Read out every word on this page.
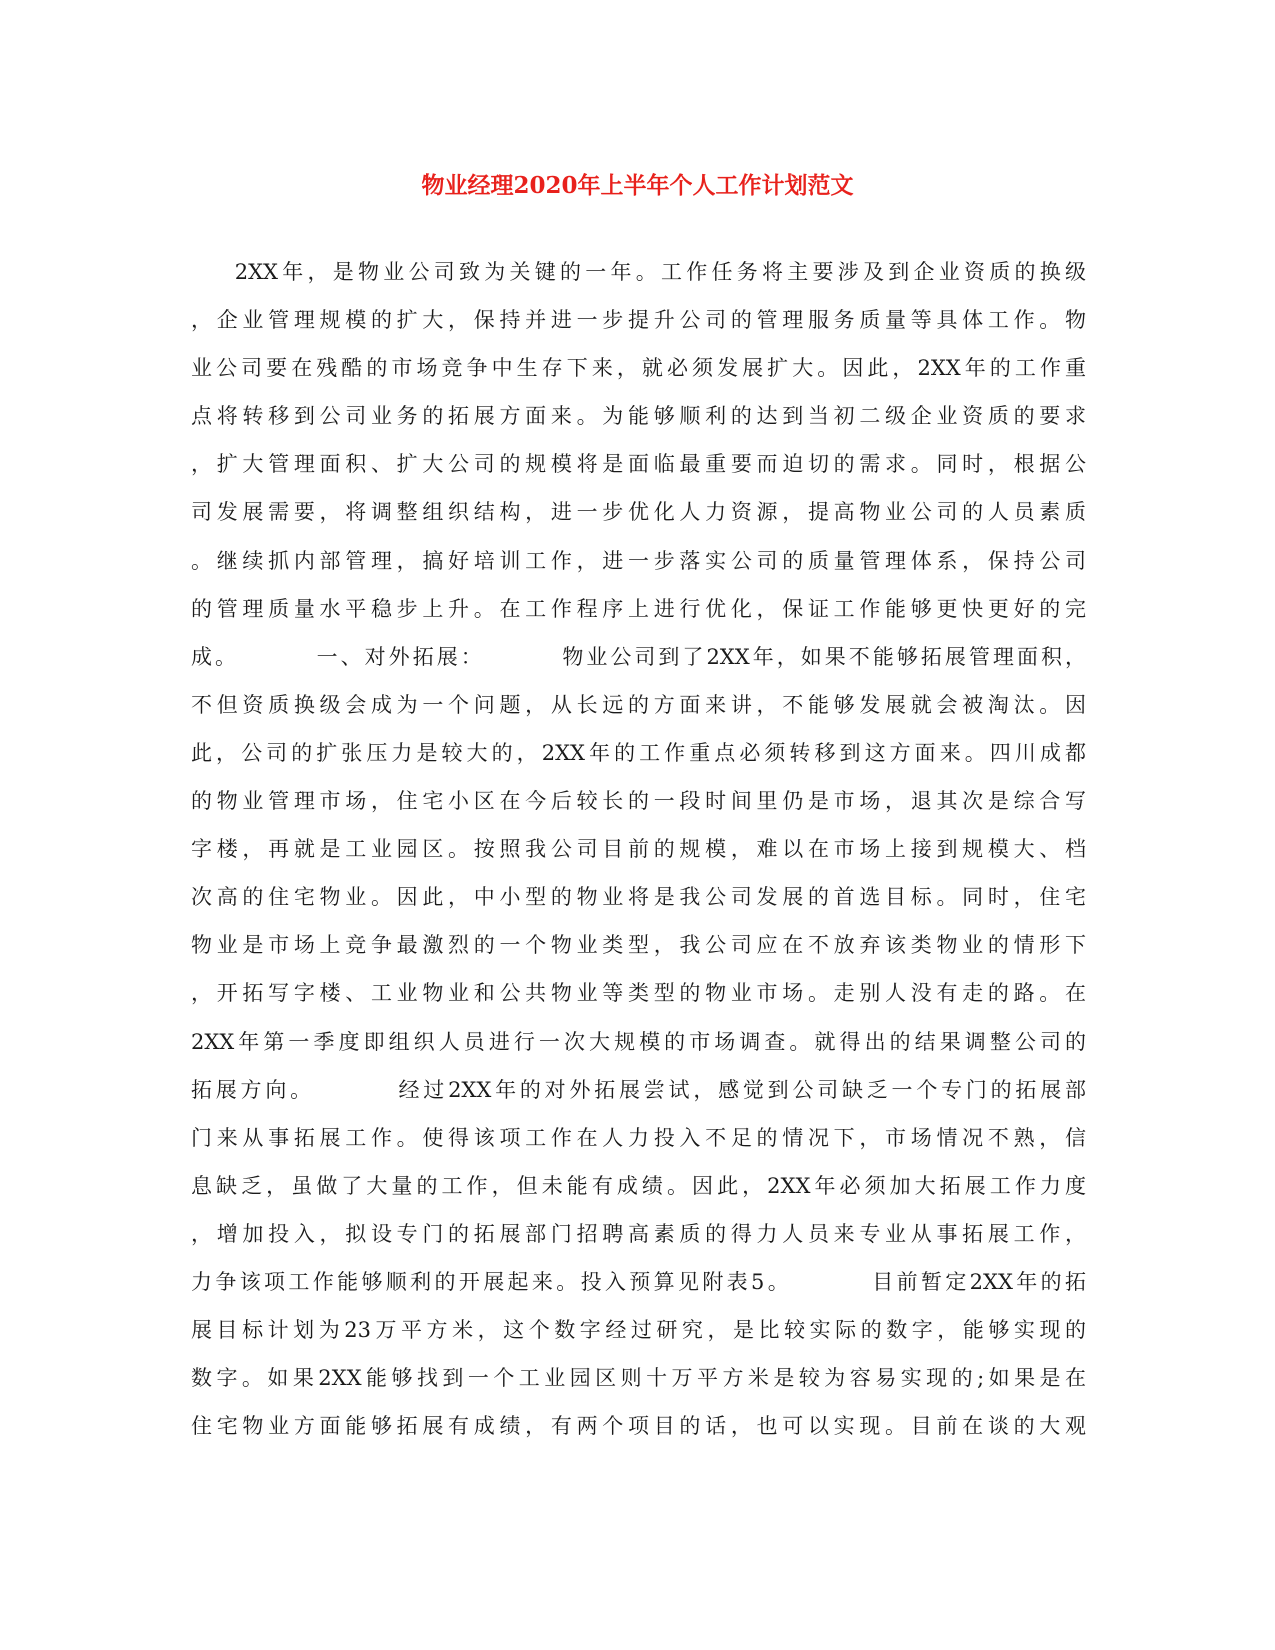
物业经理2020年上半年个人工作计划范文
2XX年，是物业公司致为关键的一年。工作任务将主要涉及到企业资质的换级
，企业管理规模的扩大，保持并进一步提升公司的管理服务质量等具体工作。物
业公司要在残酷的市场竞争中生存下来，就必须发展扩大。因此，2XX年的工作重
点将转移到公司业务的拓展方面来。为能够顺利的达到当初二级企业资质的要求
，扩大管理面积、扩大公司的规模将是面临最重要而迫切的需求。同时，根据公
司发展需要，将调整组织结构，进一步优化人力资源，提高物业公司的人员素质
。继续抓内部管理，搞好培训工作，进一步落实公司的质量管理体系，保持公司
的管理质量水平稳步上升。在工作程序上进行优化，保证工作能够更快更好的完
成。        一、对外拓展：        物业公司到了2XX年，如果不能够拓展管理面积，
不但资质换级会成为一个问题，从长远的方面来讲，不能够发展就会被淘汰。因
此，公司的扩张压力是较大的，2XX年的工作重点必须转移到这方面来。四川成都
的物业管理市场，住宅小区在今后较长的一段时间里仍是市场，退其次是综合写
字楼，再就是工业园区。按照我公司目前的规模，难以在市场上接到规模大、档
次高的住宅物业。因此，中小型的物业将是我公司发展的首选目标。同时，住宅
物业是市场上竞争最激烈的一个物业类型，我公司应在不放弃该类物业的情形下
，开拓写字楼、工业物业和公共物业等类型的物业市场。走别人没有走的路。在
2XX年第一季度即组织人员进行一次大规模的市场调查。就得出的结果调整公司的
拓展方向。        经过2XX年的对外拓展尝试，感觉到公司缺乏一个专门的拓展部
门来从事拓展工作。使得该项工作在人力投入不足的情况下，市场情况不熟，信
息缺乏，虽做了大量的工作，但未能有成绩。因此，2XX年必须加大拓展工作力度
，增加投入，拟设专门的拓展部门招聘高素质的得力人员来专业从事拓展工作，
力争该项工作能够顺利的开展起来。投入预算见附表5。        目前暂定2XX年的拓
展目标计划为23万平方米，这个数字经过研究，是比较实际的数字，能够实现的
数字。如果2XX能够找到一个工业园区则十万平方米是较为容易实现的;如果是在
住宅物业方面能够拓展有成绩，有两个项目的话，也可以实现。目前在谈的大观
